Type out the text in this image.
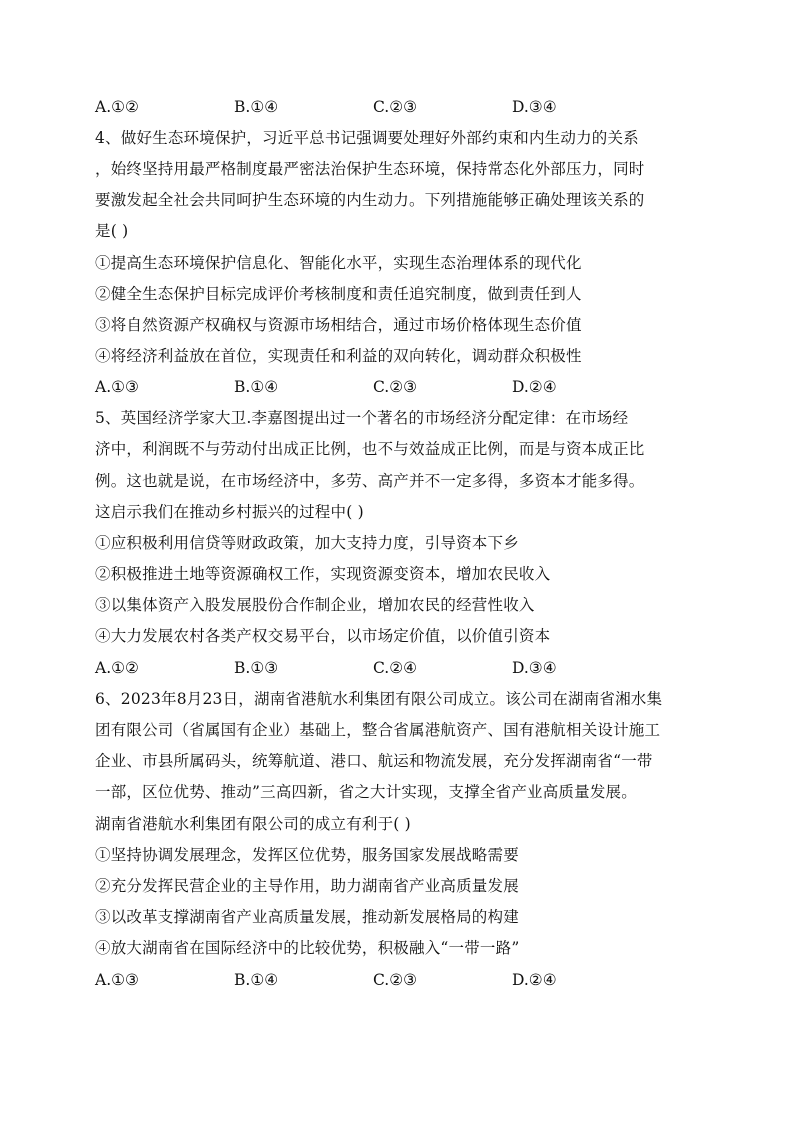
A.①②	B.①④	C.②③	D.③④
4、做好生态环境保护，习近平总书记强调要处理好外部约束和内生动力的关系
，始终坚持用最严格制度最严密法治保护生态环境，保持常态化外部压力，同时
要激发起全社会共同呵护生态环境的内生动力。下列措施能够正确处理该关系的
是( )
①提高生态环境保护信息化、智能化水平，实现生态治理体系的现代化
②健全生态保护目标完成评价考核制度和责任追究制度，做到责任到人
③将自然资源产权确权与资源市场相结合，通过市场价格体现生态价值
④将经济利益放在首位，实现责任和利益的双向转化，调动群众积极性
A.①③	B.①④	C.②③	D.②④
5、英国经济学家大卫.李嘉图提出过一个著名的市场经济分配定律：在市场经
济中，利润既不与劳动付出成正比例，也不与效益成正比例，而是与资本成正比
例。这也就是说，在市场经济中，多劳、高产并不一定多得，多资本才能多得。
这启示我们在推动乡村振兴的过程中( )
①应积极利用信贷等财政政策，加大支持力度，引导资本下乡
②积极推进土地等资源确权工作，实现资源变资本，增加农民收入
③以集体资产入股发展股份合作制企业，增加农民的经营性收入
④大力发展农村各类产权交易平台，以市场定价值，以价值引资本
A.①②	B.①③	C.②④	D.③④
6、2023年8月23日，湖南省港航水利集团有限公司成立。该公司在湖南省湘水集
团有限公司（省属国有企业）基础上，整合省属港航资产、国有港航相关设计施工
企业、市县所属码头，统筹航道、港口、航运和物流发展，充分发挥湖南省“一带
一部，区位优势、推动”三高四新，省之大计实现，支撑全省产业高质量发展。
湖南省港航水利集团有限公司的成立有利于( )
①坚持协调发展理念，发挥区位优势，服务国家发展战略需要
②充分发挥民营企业的主导作用，助力湖南省产业高质量发展
③以改革支撑湖南省产业高质量发展，推动新发展格局的构建
④放大湖南省在国际经济中的比较优势，积极融入“一带一路”
A.①③	B.①④	C.②③	D.②④
